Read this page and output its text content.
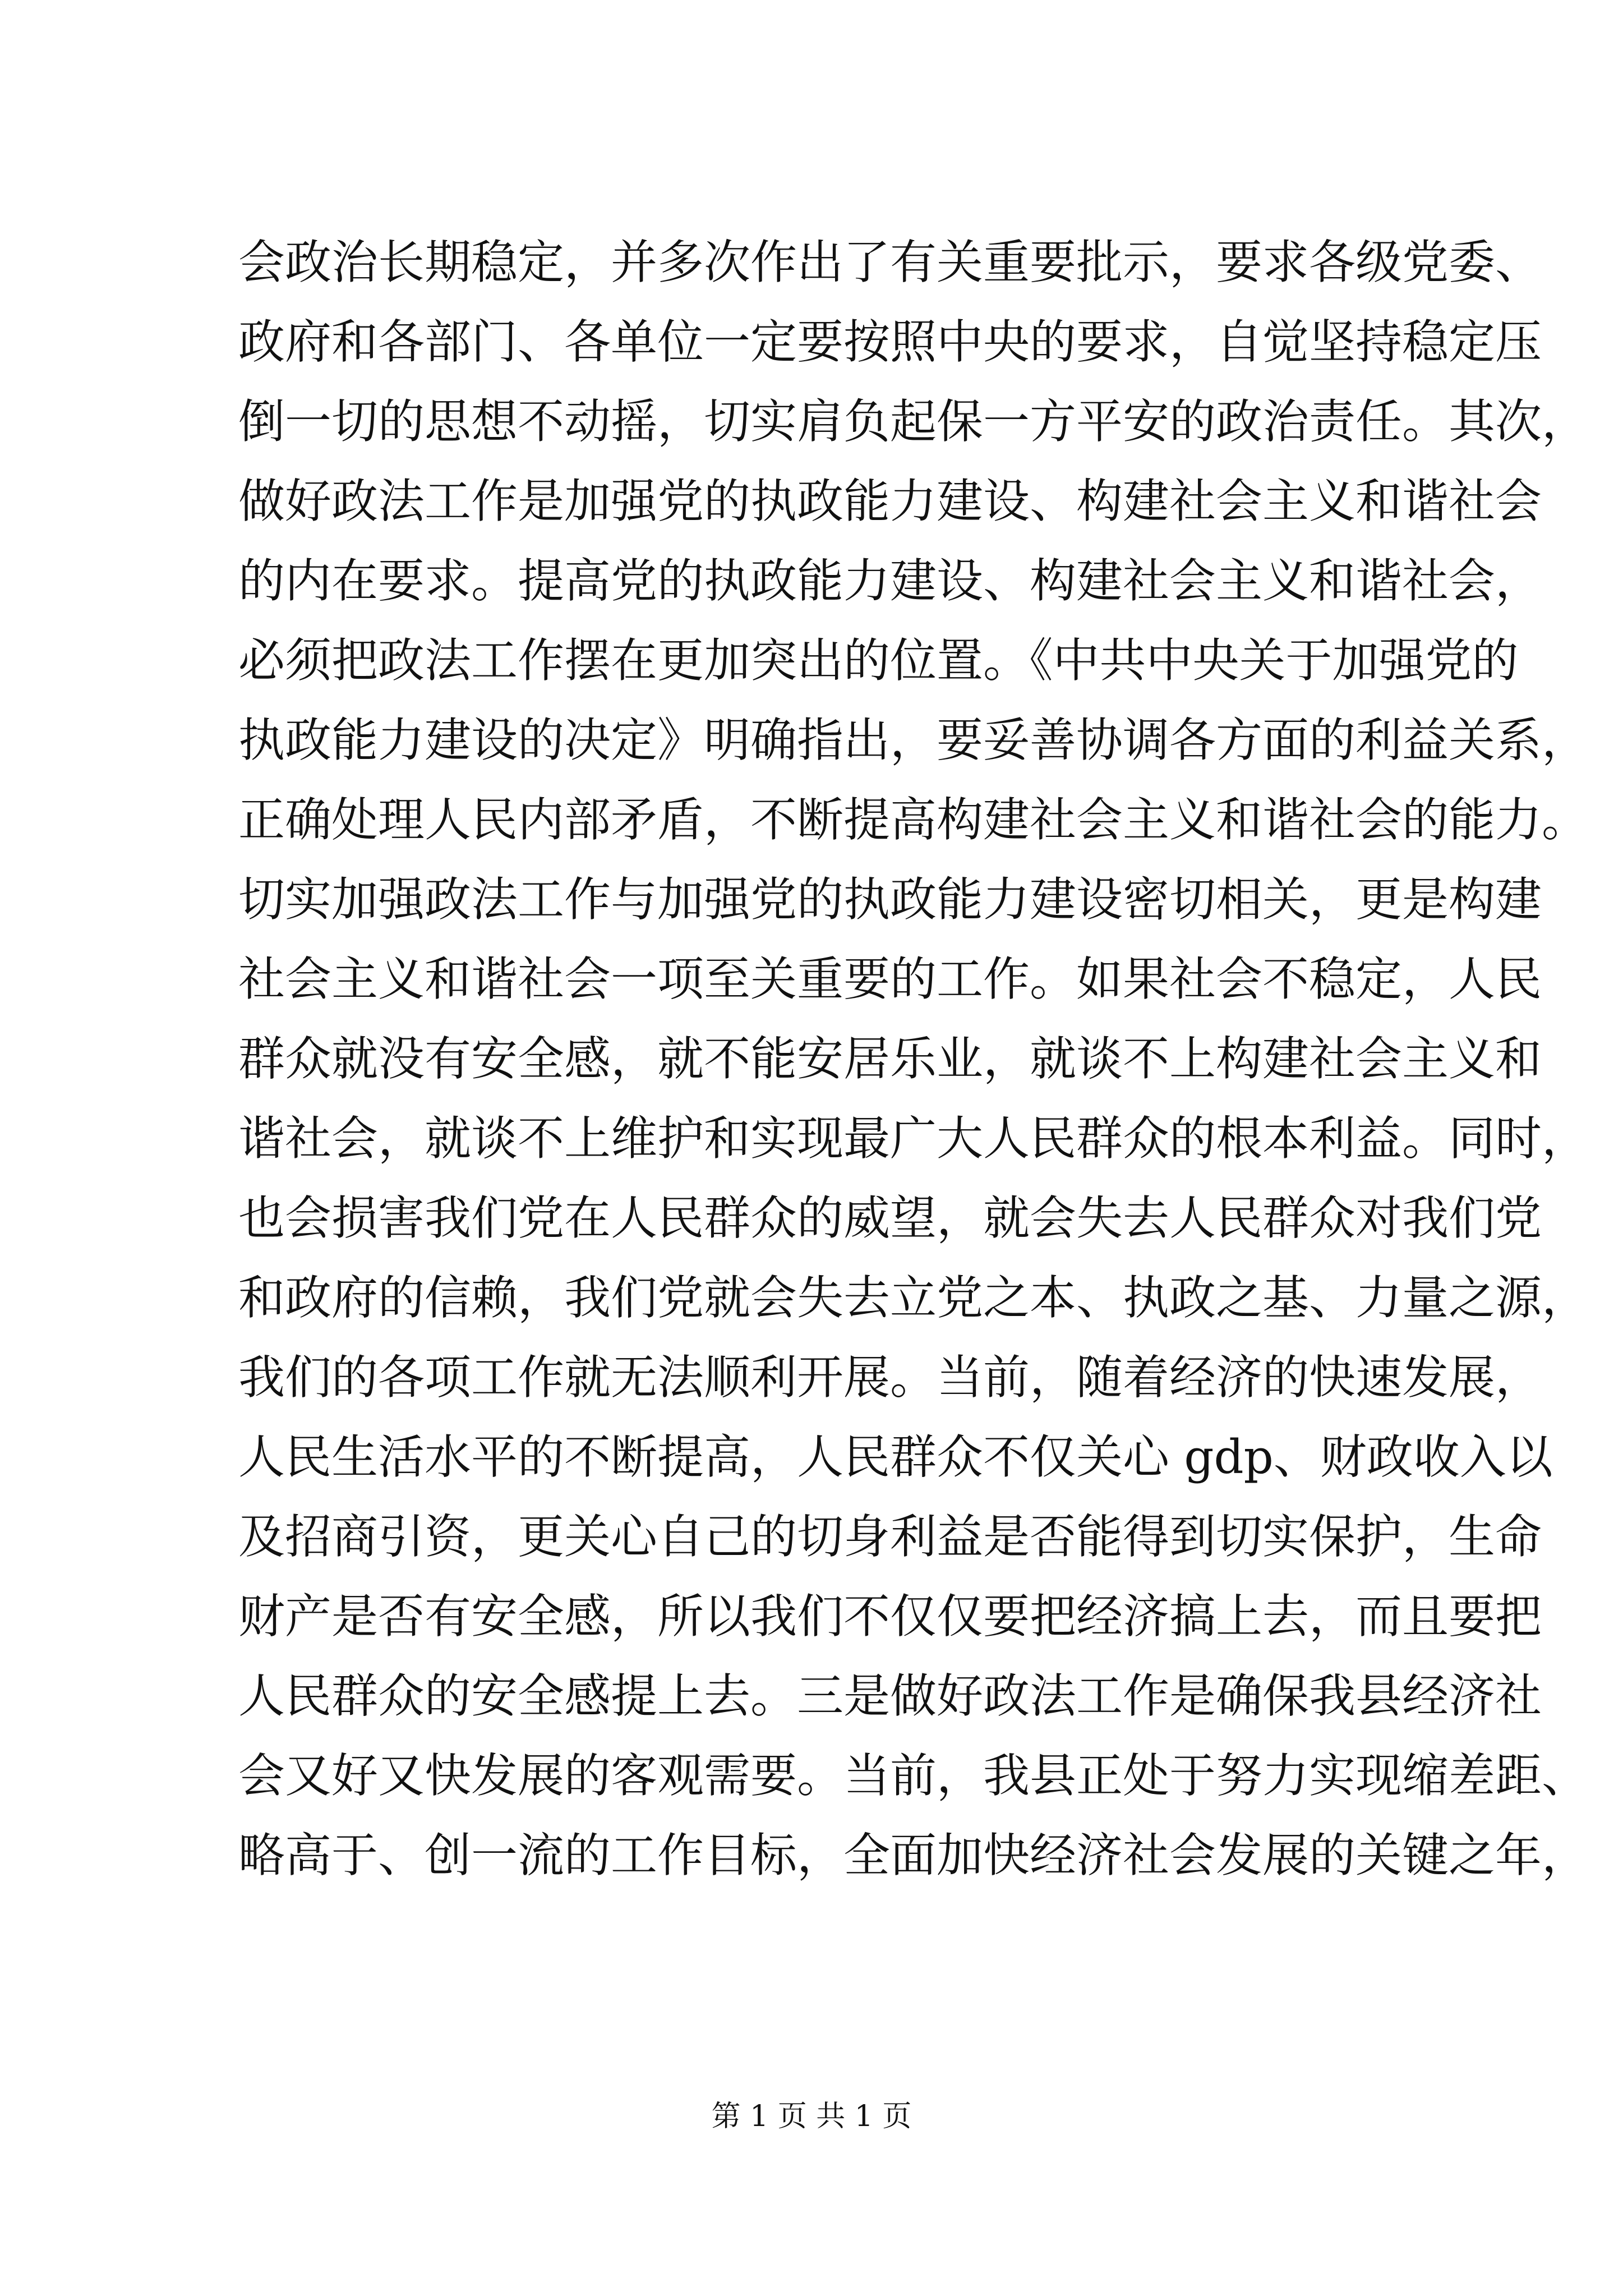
会政治长期稳定，并多次作出了有关重要批示，要求各级党委、
政府和各部门、各单位一定要按照中央的要求，自觉坚持稳定压
倒一切的思想不动摇，切实肩负起保一方平安的政治责任。其次，
做好政法工作是加强党的执政能力建设、构建社会主义和谐社会
的内在要求。提高党的执政能力建设、构建社会主义和谐社会，
必须把政法工作摆在更加突出的位置。《中共中央关于加强党的
执政能力建设的决定》明确指出，要妥善协调各方面的利益关系，
正确处理人民内部矛盾，不断提高构建社会主义和谐社会的能力。
切实加强政法工作与加强党的执政能力建设密切相关，更是构建
社会主义和谐社会一项至关重要的工作。如果社会不稳定，人民
群众就没有安全感，就不能安居乐业，就谈不上构建社会主义和
谐社会，就谈不上维护和实现最广大人民群众的根本利益。同时，
也会损害我们党在人民群众的威望，就会失去人民群众对我们党
和政府的信赖，我们党就会失去立党之本、执政之基、力量之源，
我们的各项工作就无法顺利开展。当前，随着经济的快速发展，
人民生活水平的不断提高，人民群众不仅关心 gdp、财政收入以
及招商引资，更关心自己的切身利益是否能得到切实保护，生命
财产是否有安全感，所以我们不仅仅要把经济搞上去，而且要把
人民群众的安全感提上去。三是做好政法工作是确保我县经济社
会又好又快发展的客观需要。当前，我县正处于努力实现缩差距、
略高于、创一流的工作目标，全面加快经济社会发展的关键之年，
第 1 页 共 1 页
